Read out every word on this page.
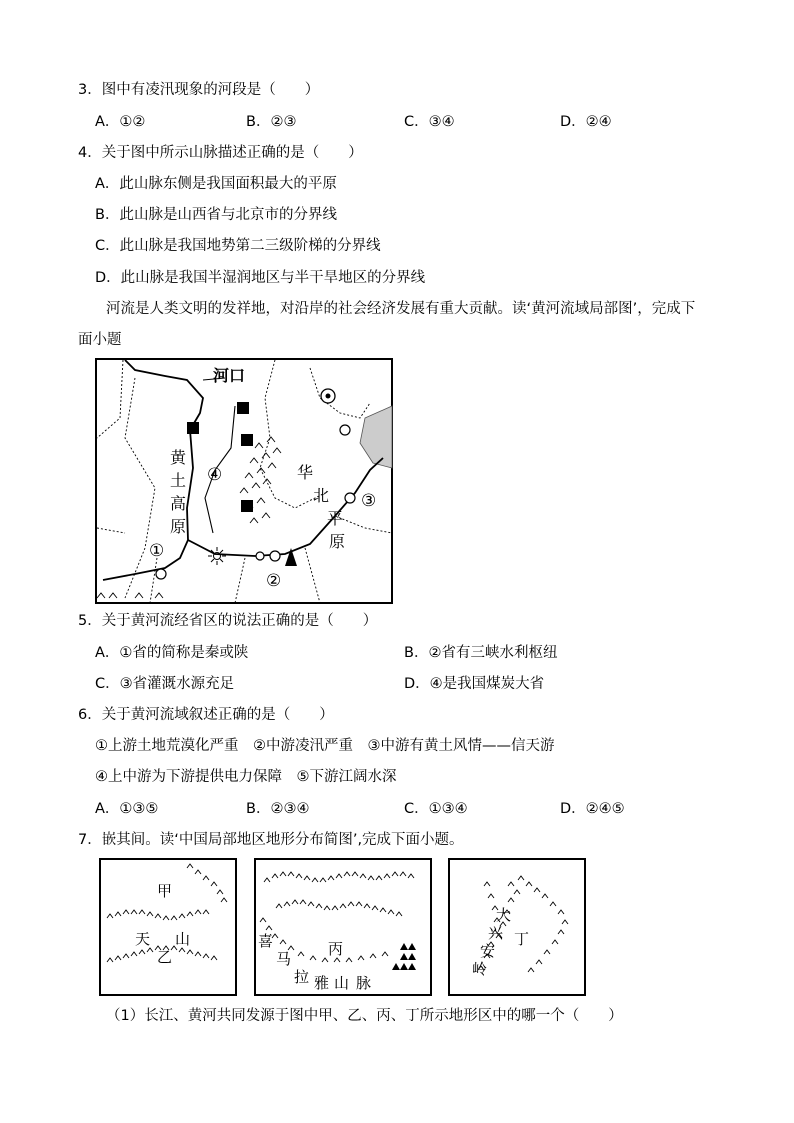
3．图中有凌汛现象的河段是（　　）
A．①②	B．②③	C．③④	D．②④
4．关于图中所示山脉描述正确的是（　　）
A．此山脉东侧是我国面积最大的平原
B．此山脉是山西省与北京市的分界线
C．此山脉是我国地势第二三级阶梯的分界线
D．此山脉是我国半湿润地区与半干旱地区的分界线
河流是人类文明的发祥地，对沿岸的社会经济发展有重大贡献。读‘黄河流域局部图’，完成下
面小题
河口
黄
土
高
原
华
北
平
原
①
②
③
④
5．关于黄河流经省区的说法正确的是（　　）
A．①省的简称是秦或陕	B．②省有三峡水利枢纽
C．③省灌溉水源充足	D．④是我国煤炭大省
6．关于黄河流域叙述正确的是（　　）
①上游土地荒漠化严重　②中游凌汛严重　③中游有黄土风情——信天游
④上中游为下游提供电力保障　⑤下游江阔水深
A．①③⑤	B．②③④	C．①③④	D．②④⑤
7．嵌其间。读‘中国局部地区地形分布简图’,完成下面小题。
甲
天 山
乙
喜
马
拉
丙
雅 山 脉
大
兴
安
岭
丁
（1）长江、黄河共同发源于图中甲、乙、丙、丁所示地形区中的哪一个（　　）
